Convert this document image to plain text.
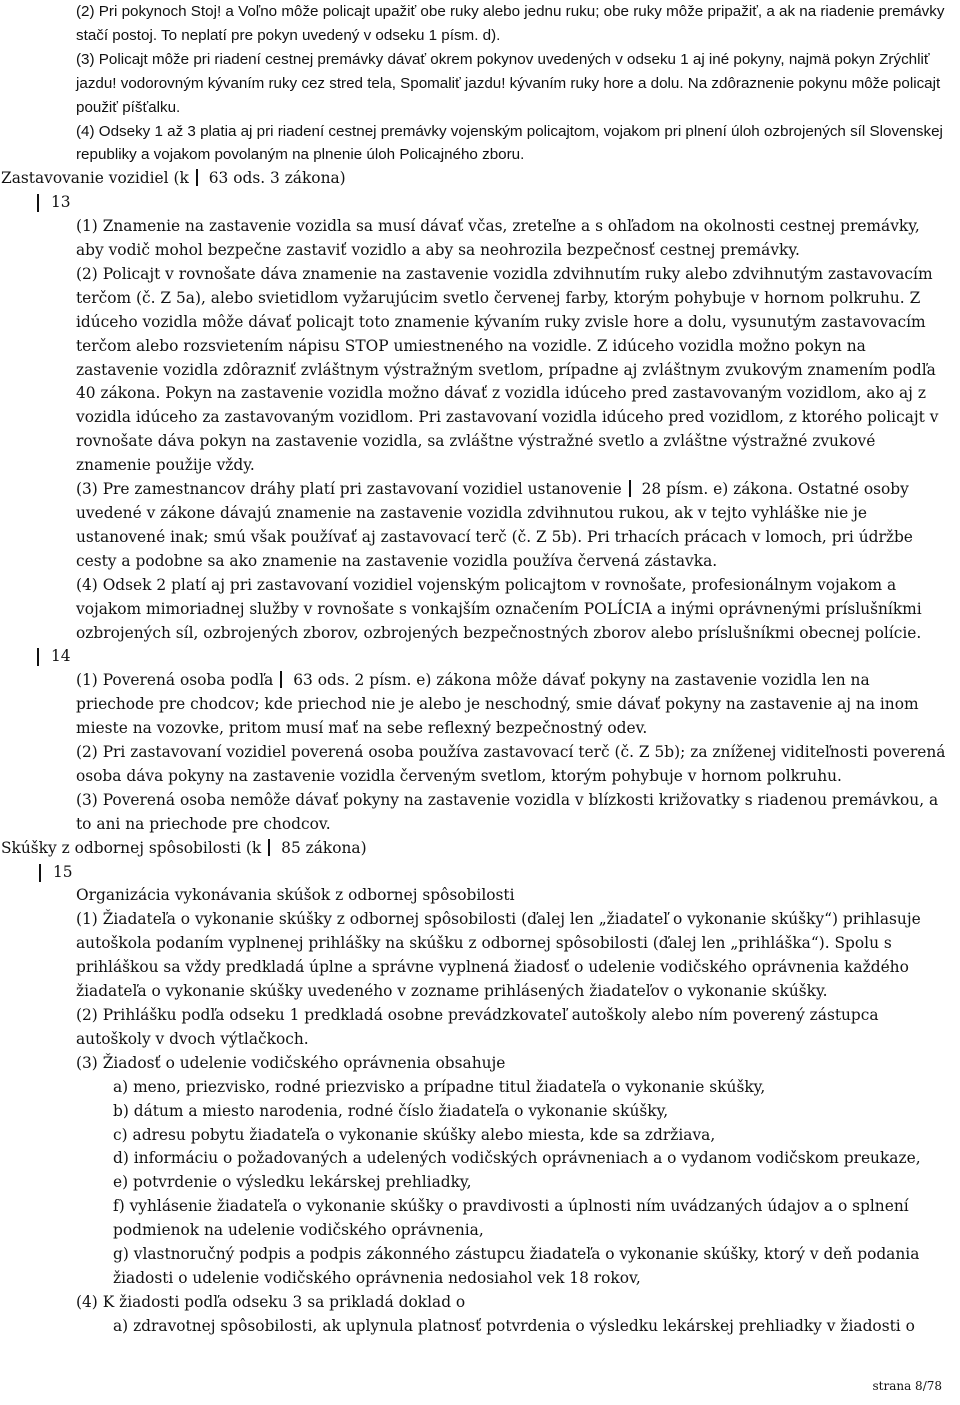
(2) Pri pokynoch Stoj! a Voľno môže policajt upažiť obe ruky alebo jednu ruku; obe ruky môže pripažiť, a ak na riadenie premávky stačí postoj. To neplatí pre pokyn uvedený v odseku 1 písm. d).

(3) Policajt môže pri riadení cestnej premávky dávať okrem pokynov uvedených v odseku 1 aj iné pokyny, najmä pokyn Zrýchliť jazdu! vodorovným kývaním ruky cez stred tela, Spomaliť jazdu! kývaním ruky hore a dolu. Na zdôraznenie pokynu môže policajt použiť píšťalku.

(4) Odseky 1 až 3 platia aj pri riadení cestnej premávky vojenským policajtom, vojakom pri plnení úloh ozbrojených síl Slovenskej republiky a vojakom povolaným na plnenie úloh Policajného zboru.

Zastavovanie vozidiel (k 63 ods. 3 zákona)
13

(1) Znamenie na zastavenie vozidla sa musí dávať včas, zreteľne a s ohľadom na okolnosti cestnej premávky, aby vodič mohol bezpečne zastaviť vozidlo a aby sa neohrozila bezpečnosť cestnej premávky.

(2) Policajt v rovnošate dáva znamenie na zastavenie vozidla zdvihnutím ruky alebo zdvihnutým zastavovacím terčom (č. Z 5a), alebo svietidlom vyžarujúcim svetlo červenej farby, ktorým pohybuje v hornom polkruhu. Z idúceho vozidla môže dávať policajt toto znamenie kývaním ruky zvisle hore a dolu, vysunutým zastavovacím terčom alebo rozsvietením nápisu STOP umiestneného na vozidle. Z idúceho vozidla možno pokyn na zastavenie vozidla zdôrazniť zvláštnym výstražným svetlom, prípadne aj zvláštnym zvukovým znamením podľa 40 zákona. Pokyn na zastavenie vozidla možno dávať z vozidla idúceho pred zastavovaným vozidlom, ako aj z vozidla idúceho za zastavovaným vozidlom. Pri zastavovaní vozidla idúceho pred vozidlom, z ktorého policajt v rovnošate dáva pokyn na zastavenie vozidla, sa zvláštne výstražné svetlo a zvláštne výstražné zvukové znamenie použije vždy.

(3) Pre zamestnancov dráhy platí pri zastavovaní vozidiel ustanovenie 28 písm. e) zákona. Ostatné osoby uvedené v zákone dávajú znamenie na zastavenie vozidla zdvihnutou rukou, ak v tejto vyhláške nie je ustanovené inak; smú však používať aj zastavovací terč (č. Z 5b). Pri trhacích prácach v lomoch, pri údržbe cesty a podobne sa ako znamenie na zastavenie vozidla používa červená zástavka.

(4) Odsek 2 platí aj pri zastavovaní vozidiel vojenským policajtom v rovnošate, profesionálnym vojakom a vojakom mimoriadnej služby v rovnošate s vonkajším označením POLÍCIA a inými oprávnenými príslušníkmi ozbrojených síl, ozbrojených zborov, ozbrojených bezpečnostných zborov alebo príslušníkmi obecnej polície.

14

(1) Poverená osoba podľa 63 ods. 2 písm. e) zákona môže dávať pokyny na zastavenie vozidla len na priechode pre chodcov; kde priechod nie je alebo je neschodný, smie dávať pokyny na zastavenie aj na inom mieste na vozovke, pritom musí mať na sebe reflexný bezpečnostný odev.

(2) Pri zastavovaní vozidiel poverená osoba používa zastavovací terč (č. Z 5b); za zníženej viditeľnosti poverená osoba dáva pokyny na zastavenie vozidla červeným svetlom, ktorým pohybuje v hornom polkruhu.

(3) Poverená osoba nemôže dávať pokyny na zastavenie vozidla v blízkosti križovatky s riadenou premávkou, a to ani na priechode pre chodcov.

Skúšky z odbornej spôsobilosti (k 85 zákona)
15

Organizácia vykonávania skúšok z odbornej spôsobilosti

(1) Žiadateľa o vykonanie skúšky z odbornej spôsobilosti (ďalej len „žiadateľ o vykonanie skúšky“) prihlasuje autoškola podaním vyplnenej prihlášky na skúšku z odbornej spôsobilosti (ďalej len „prihláška“). Spolu s prihláškou sa vždy predkladá úplne a správne vyplnená žiadosť o udelenie vodičského oprávnenia každého žiadateľa o vykonanie skúšky uvedeného v zozname prihlásených žiadateľov o vykonanie skúšky.

(2) Prihlášku podľa odseku 1 predkladá osobne prevádzkovateľ autoškoly alebo ním poverený zástupca autoškoly v dvoch výtlačkoch.

(3) Žiadosť o udelenie vodičského oprávnenia obsahuje

a) meno, priezvisko, rodné priezvisko a prípadne titul žiadateľa o vykonanie skúšky,

b) dátum a miesto narodenia, rodné číslo žiadateľa o vykonanie skúšky,

c) adresu pobytu žiadateľa o vykonanie skúšky alebo miesta, kde sa zdržiava,

d) informáciu o požadovaných a udelených vodičských oprávneniach a o vydanom vodičskom preukaze,

e) potvrdenie o výsledku lekárskej prehliadky,

f) vyhlásenie žiadateľa o vykonanie skúšky o pravdivosti a úplnosti ním uvádzaných údajov a o splnení podmienok na udelenie vodičského oprávnenia,

g) vlastnoručný podpis a podpis zákonného zástupcu žiadateľa o vykonanie skúšky, ktorý v deň podania žiadosti o udelenie vodičského oprávnenia nedosiahol vek 18 rokov,

(4) K žiadosti podľa odseku 3 sa prikladá doklad o

a) zdravotnej spôsobilosti, ak uplynula platnosť potvrdenia o výsledku lekárskej prehliadky v žiadosti o

strana 8/78
